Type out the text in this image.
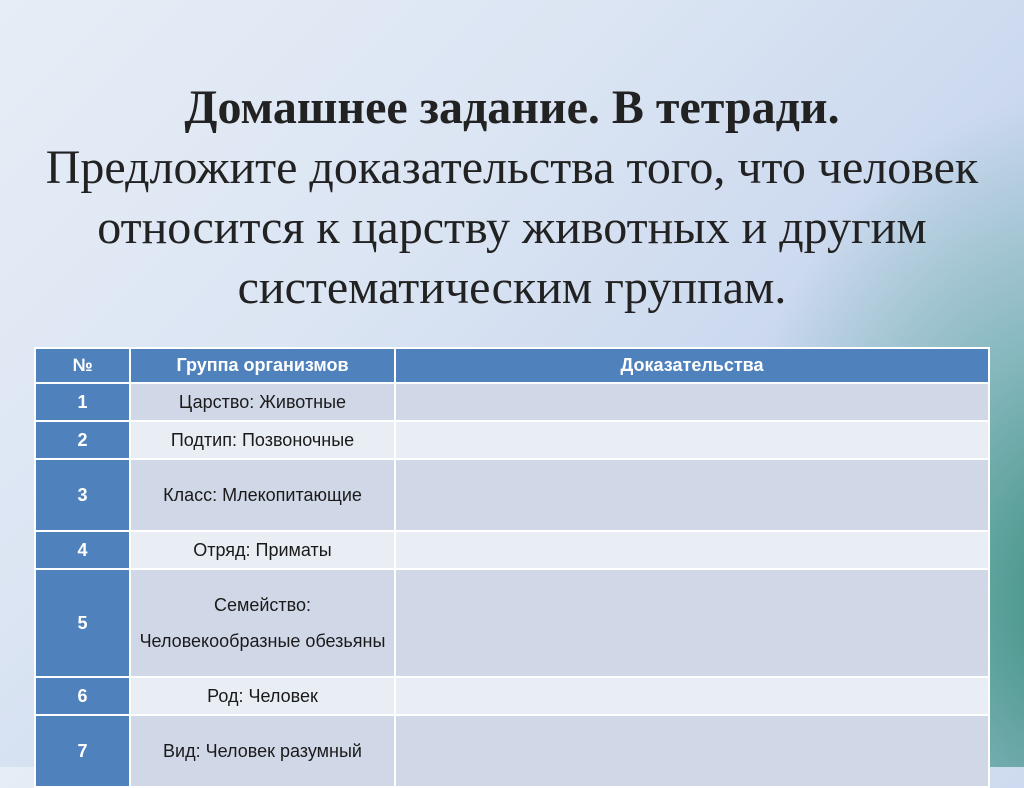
Домашнее задание. В тетради.
Предложите доказательства того, что человек относится к царству животных и другим систематическим группам.
№	Группа организмов	Доказательства
1	Царство: Животные	
2	Подтип: Позвоночные	
3	Класс: Млекопитающие	
4	Отряд: Приматы	
5	Семейство: Человекообразные обезьяны	
6	Род: Человек	
7	Вид: Человек разумный	
